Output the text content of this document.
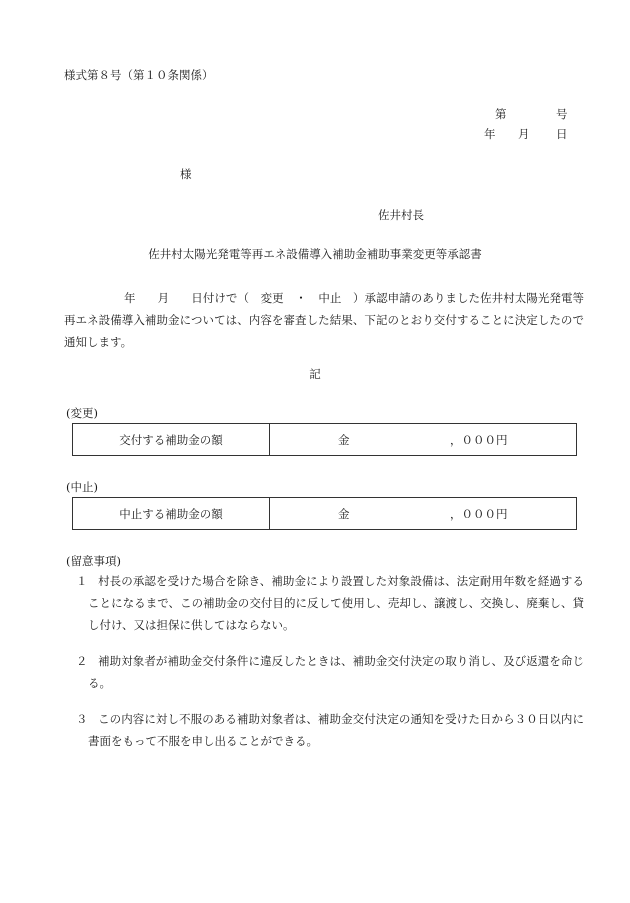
様式第８号（第１０条関係）
第	号
年 月 日
様
佐井村長
佐井村太陽光発電等再エネ設備導入補助金補助事業変更等承認書
年 月 日付けで（　変更　・　中止　）承認申請のありました佐井村太陽光発電等再エネ設備導入補助金については、内容を審査した結果、下記のとおり交付することに決定したので通知します。
記
(変更)
交付する補助金の額	金	，０００円
(中止)
中止する補助金の額	金	，０００円
(留意事項)
１ 村長の承認を受けた場合を除き、補助金により設置した対象設備は、法定耐用年数を経過することになるまで、この補助金の交付目的に反して使用し、売却し、譲渡し、交換し、廃棄し、貸し付け、又は担保に供してはならない。
２ 補助対象者が補助金交付条件に違反したときは、補助金交付決定の取り消し、及び返還を命じる。
３ この内容に対し不服のある補助対象者は、補助金交付決定の通知を受けた日から３０日以内に書面をもって不服を申し出ることができる。
